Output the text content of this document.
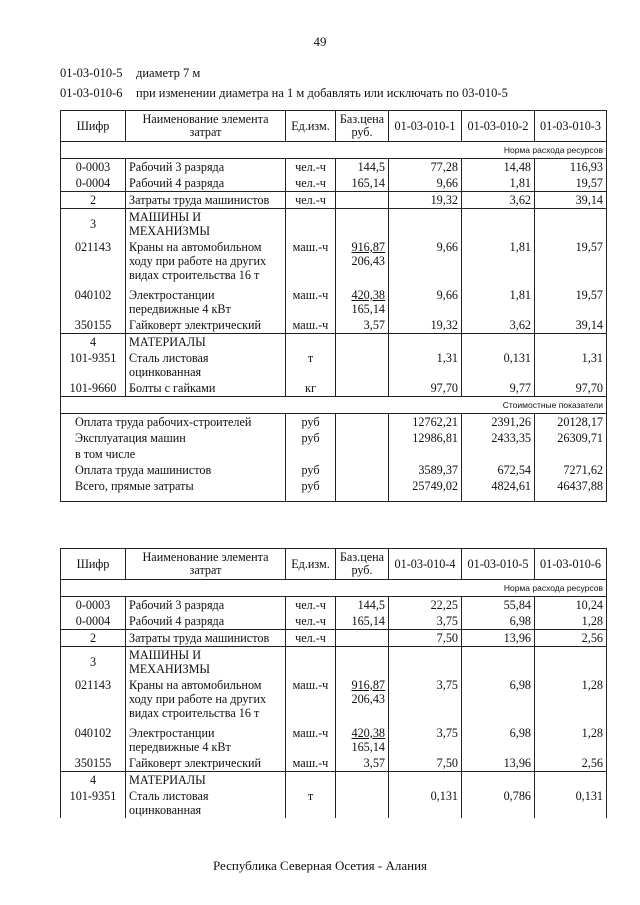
49
01-03-010-5 диаметр 7 м
01-03-010-6 при изменении диаметра на 1 м добавлять или исключать по 03-010-5
Шифр	Наименование элемента затрат	Ед.изм.	Баз.цена руб.	01-03-010-1	01-03-010-2	01-03-010-3
Норма расхода ресурсов						
0-0003	Рабочий 3 разряда	чел.-ч	144,5	77,28	14,48	116,93
0-0004	Рабочий 4 разряда	чел.-ч	165,14	9,66	1,81	19,57
2	Затраты труда машинистов	чел.-ч		19,32	3,62	39,14
3	МАШИНЫ И
МЕХАНИЗМЫ					
021143	Краны на автомобильном
ходу при работе на других
видах строительства 16 т	маш.-ч	916,87
206,43	9,66	1,81	19,57
040102	Электростанции
передвижные 4 кВт	маш.-ч	420,38
165,14	9,66	1,81	19,57
350155	Гайковерт электрический	маш.-ч	3,57	19,32	3,62	39,14
4	МАТЕРИАЛЫ					
101-9351	Сталь листовая
оцинкованная	т		1,31	0,131	1,31
101-9660	Болты с гайками	кг		97,70	9,77	97,70
Стоимостные показатели						
Оплата труда рабочих-строителей		руб		12762,21	2391,26	20128,17
Эксплуатация машин		руб		12986,81	2433,35	26309,71
в том числе						
Оплата труда машинистов		руб		3589,37	672,54	7271,62
Всего, прямые затраты		руб		25749,02	4824,61	46437,88
Шифр	Наименование элемента затрат	Ед.изм.	Баз.цена руб.	01-03-010-4	01-03-010-5	01-03-010-6
Норма расхода ресурсов						
0-0003	Рабочий 3 разряда	чел.-ч	144,5	22,25	55,84	10,24
0-0004	Рабочий 4 разряда	чел.-ч	165,14	3,75	6,98	1,28
2	Затраты труда машинистов	чел.-ч		7,50	13,96	2,56
3	МАШИНЫ И
МЕХАНИЗМЫ					
021143	Краны на автомобильном
ходу при работе на других
видах строительства 16 т	маш.-ч	916,87
206,43	3,75	6,98	1,28
040102	Электростанции
передвижные 4 кВт	маш.-ч	420,38
165,14	3,75	6,98	1,28
350155	Гайковерт электрический	маш.-ч	3,57	7,50	13,96	2,56
4	МАТЕРИАЛЫ					
101-9351	Сталь листовая
оцинкованная	т		0,131	0,786	0,131
Республика Северная Осетия - Алания
